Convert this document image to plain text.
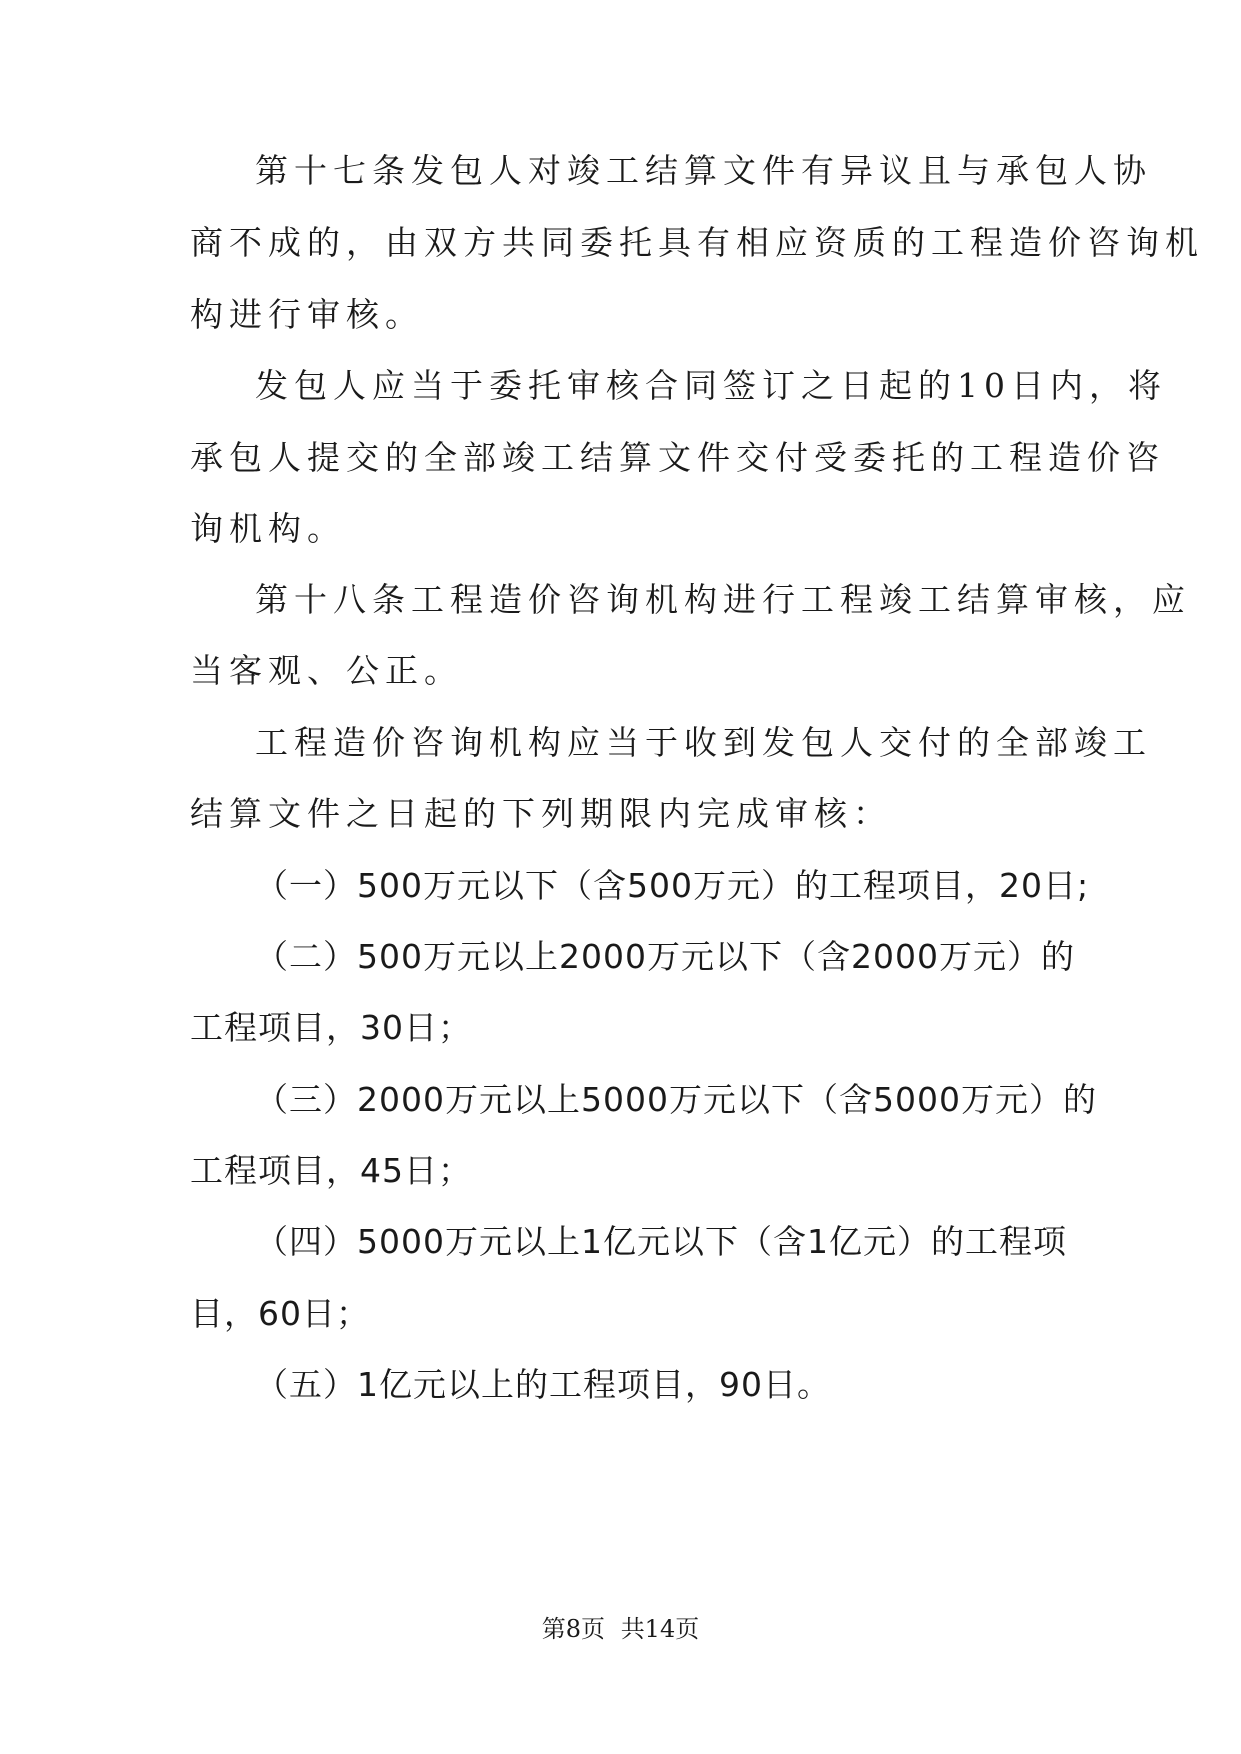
第十七条发包人对竣工结算文件有异议且与承包人协
商不成的，由双方共同委托具有相应资质的工程造价咨询机
构进行审核。
发包人应当于委托审核合同签订之日起的10日内，将
承包人提交的全部竣工结算文件交付受委托的工程造价咨
询机构。
第十八条工程造价咨询机构进行工程竣工结算审核，应
当客观、公正。
工程造价咨询机构应当于收到发包人交付的全部竣工
结算文件之日起的下列期限内完成审核：
（一）500万元以下（含500万元）的工程项目，20日;
（二）500万元以上2000万元以下（含2000万元）的
工程项目，30日；
（三）2000万元以上5000万元以下（含5000万元）的
工程项目，45日；
（四）5000万元以上1亿元以下（含1亿元）的工程项
目，60日；
（五）1亿元以上的工程项目，90日。
第8页 共14页
